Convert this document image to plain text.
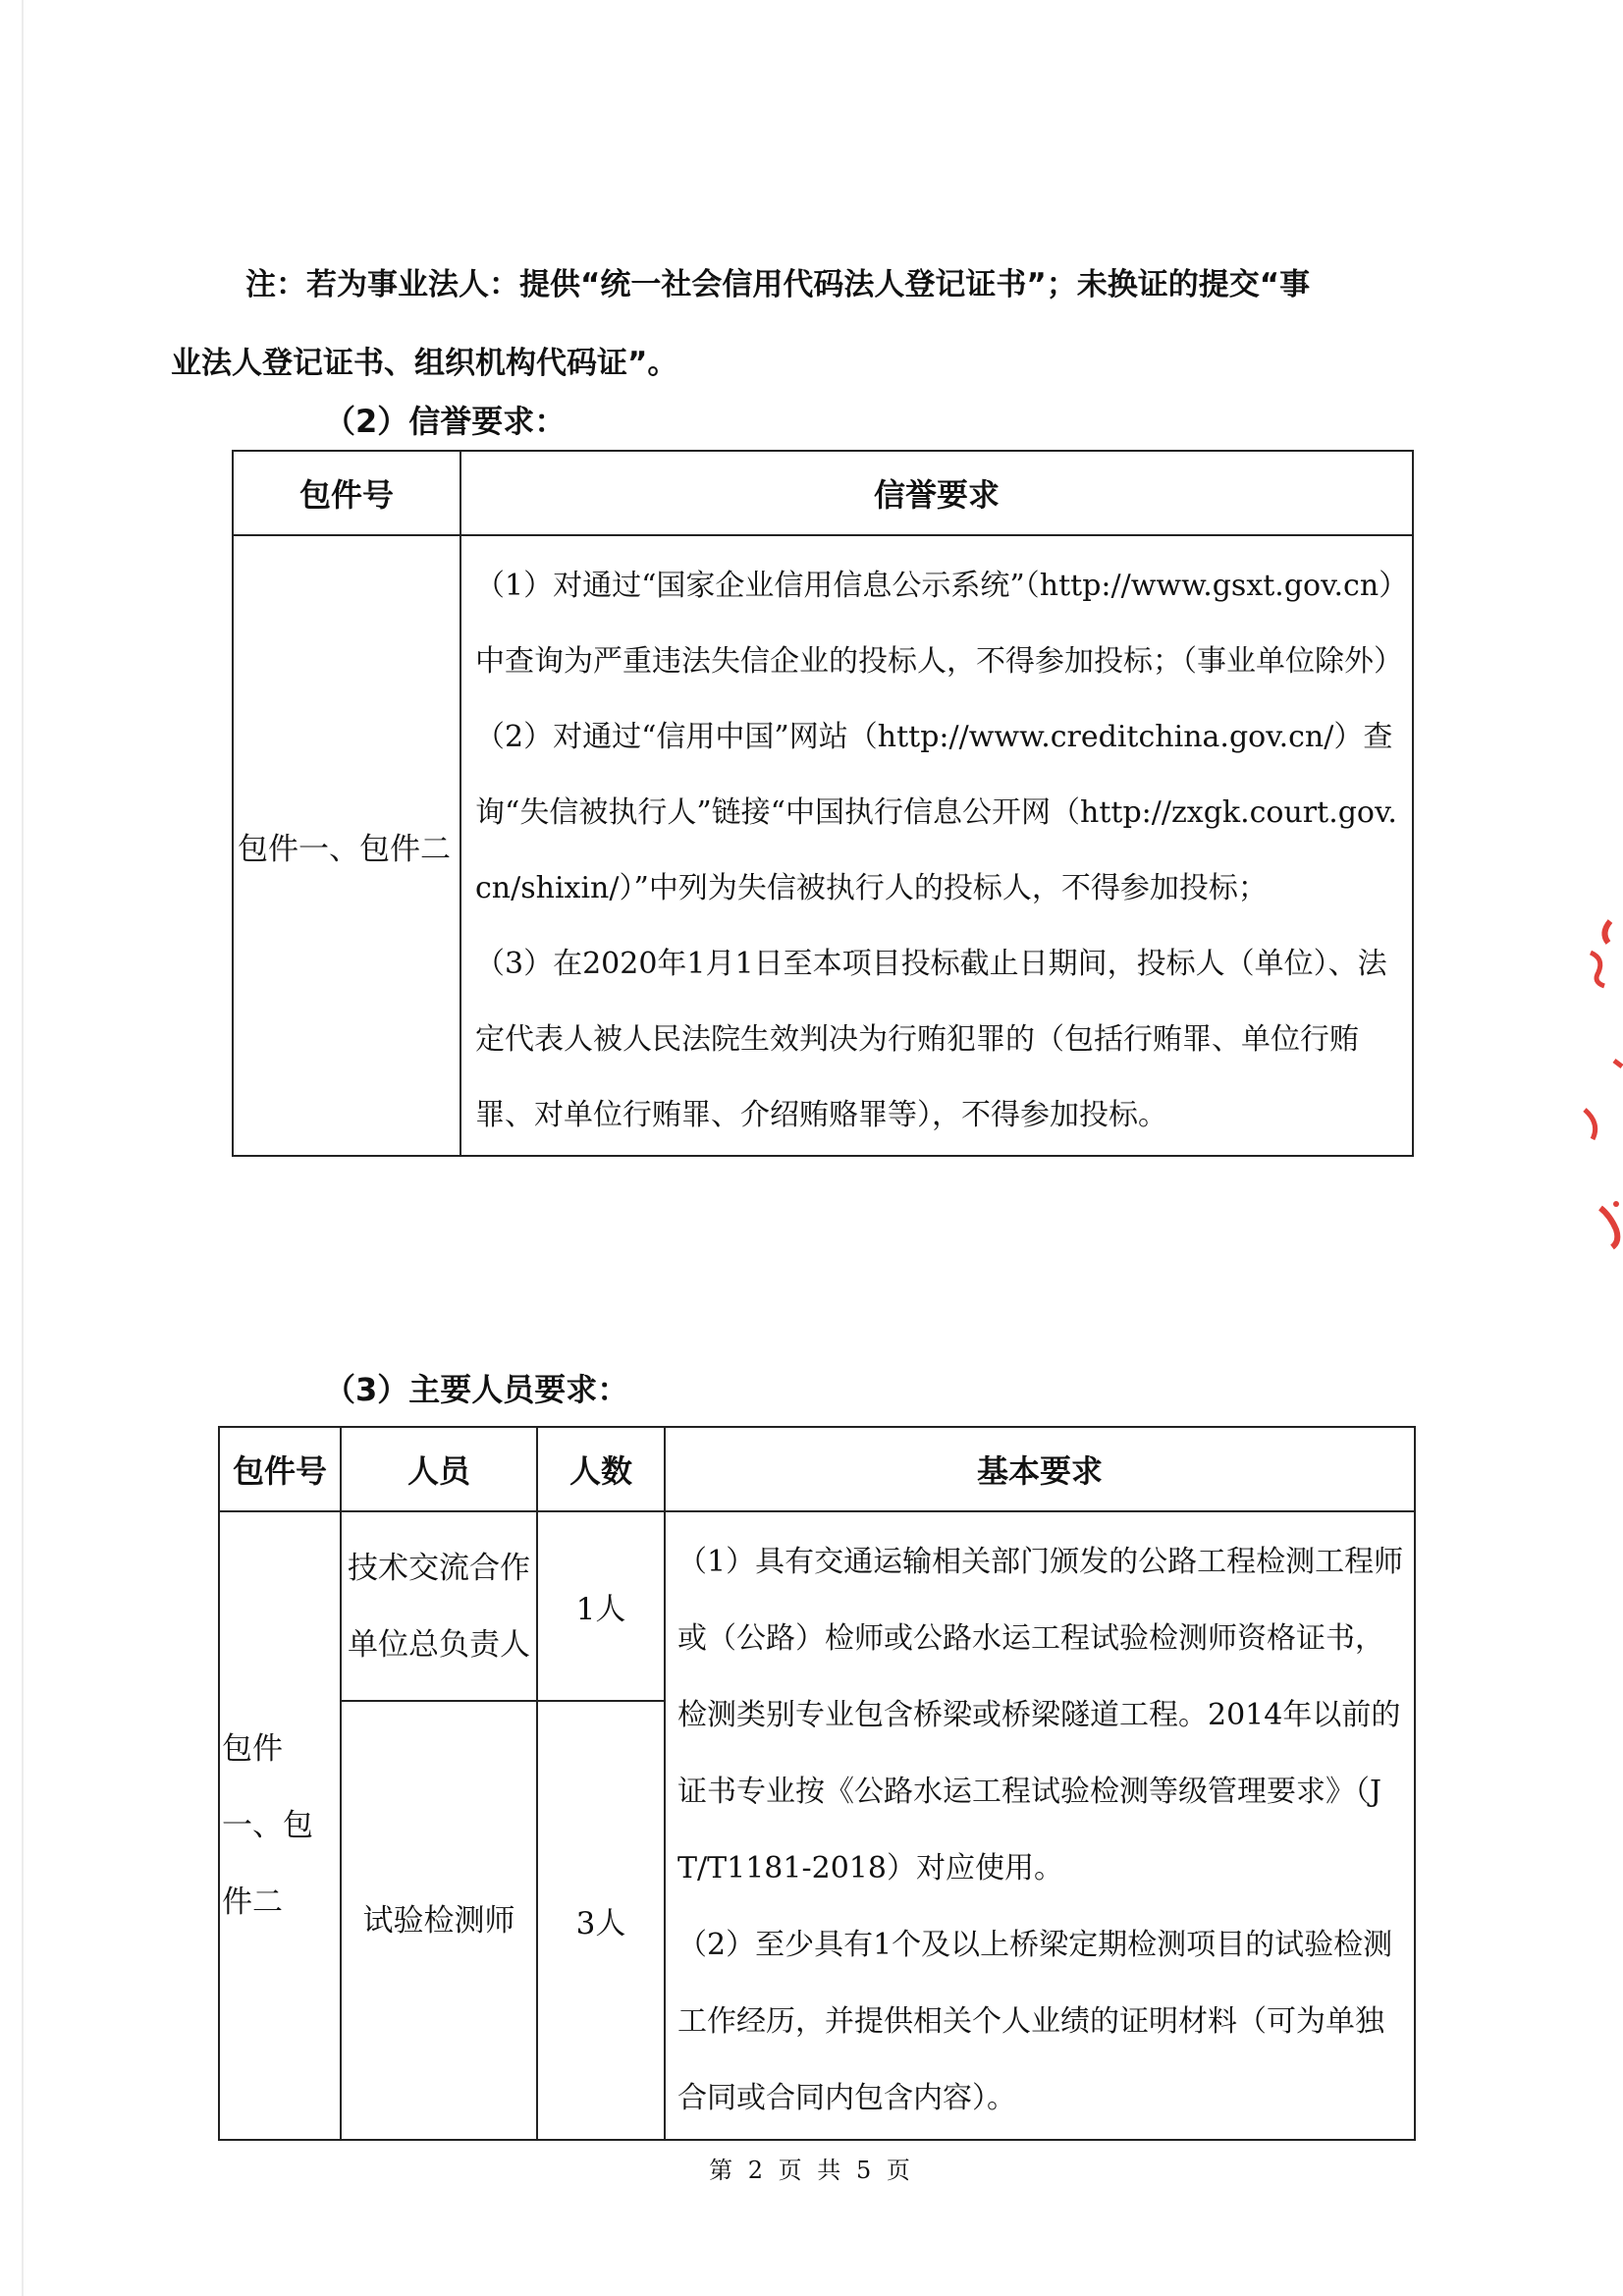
注：若为事业法人：提供“统一社会信用代码法人登记证书”；未换证的提交“事业法人登记证书、组织机构代码证”。
（2）信誉要求：
包件号	信誉要求
包件一、包件二	（1）对通过“国家企业信用信息公示系统”（http://www.gsxt.gov.cn）中查询为严重违法失信企业的投标人，不得参加投标；（事业单位除外）

（2）对通过“信用中国”网站（http://www.creditchina.gov.cn/）查询“失信被执行人”链接“中国执行信息公开网（http://zxgk.court.gov.cn/shixin/）”中列为失信被执行人的投标人，不得参加投标；

（3）在2020年1月1日至本项目投标截止日期间，投标人（单位）、法定代表人被人民法院生效判决为行贿犯罪的（包括行贿罪、单位行贿罪、对单位行贿罪、介绍贿赂罪等），不得参加投标。

（3）主要人员要求：
包件号	人员	人数	基本要求
包件一、包件二	技术交流合作单位总负责人	1人	（1）具有交通运输相关部门颁发的公路工程检测工程师或（公路）检师或公路水运工程试验检测师资格证书，检测类别专业包含桥梁或桥梁隧道工程。2014年以前的证书专业按《公路水运工程试验检测等级管理要求》（JT/T1181-2018）对应使用。

（2）至少具有1个及以上桥梁定期检测项目的试验检测工作经历，并提供相关个人业绩的证明材料（可为单独合同或合同内包含内容）。

	试验检测师	3人	
第 2 页 共 5 页
